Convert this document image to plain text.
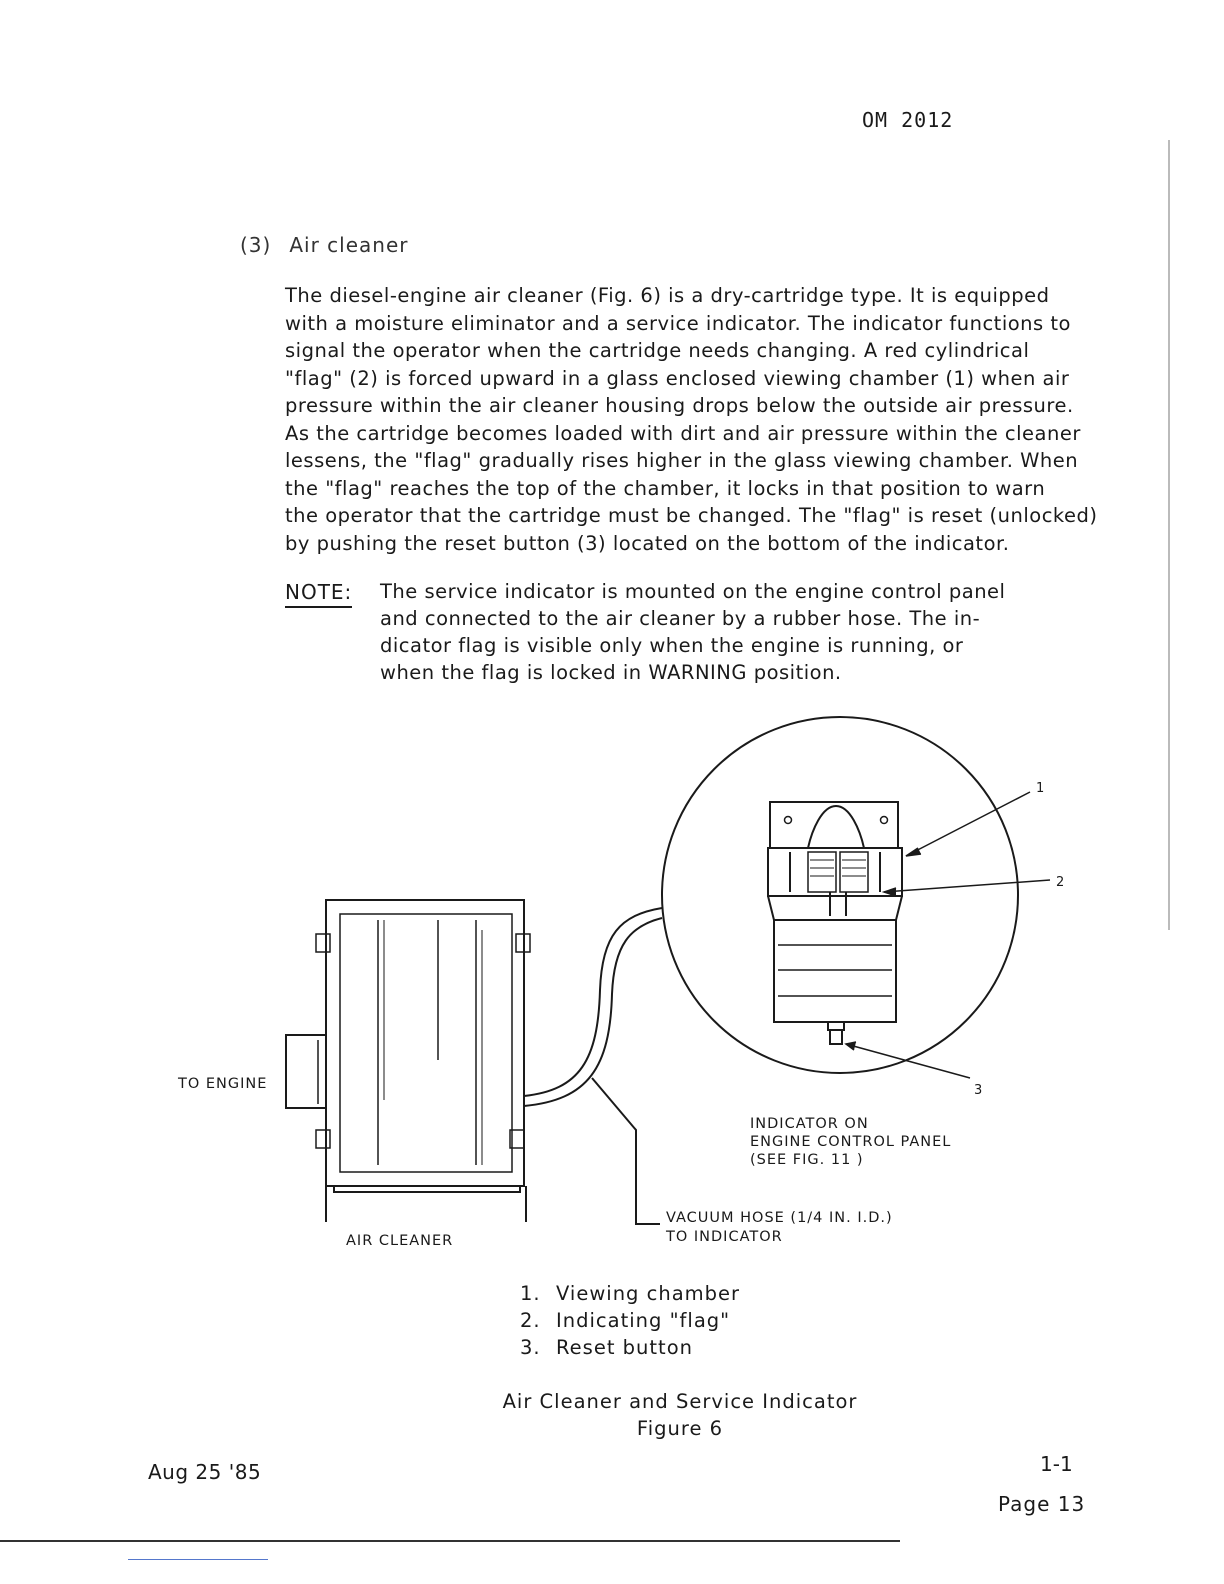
OM 2012
(3) Air cleaner
The diesel-engine air cleaner (Fig. 6) is a dry-cartridge type. It is equipped
with a moisture eliminator and a service indicator. The indicator functions to
signal the operator when the cartridge needs changing. A red cylindrical
"flag" (2) is forced upward in a glass enclosed viewing chamber (1) when air
pressure within the air cleaner housing drops below the outside air pressure.
As the cartridge becomes loaded with dirt and air pressure within the cleaner
lessens, the "flag" gradually rises higher in the glass viewing chamber. When
the "flag" reaches the top of the chamber, it locks in that position to warn
the operator that the cartridge must be changed. The "flag" is reset (unlocked)
by pushing the reset button (3) located on the bottom of the indicator.
NOTE: The service indicator is mounted on the engine control panel
and connected to the air cleaner by a rubber hose. The in-
dicator flag is visible only when the engine is running, or
when the flag is locked in WARNING position.
1
2
3
TO ENGINE
AIR CLEANER
INDICATOR ON
ENGINE CONTROL PANEL
(SEE FIG. 11 )
VACUUM HOSE (1/4 IN. I.D.)
TO INDICATOR
1. Viewing chamber
2. Indicating "flag"
3. Reset button
Air Cleaner and Service Indicator
Figure 6
Aug 25 '85	1-1
Page 13
